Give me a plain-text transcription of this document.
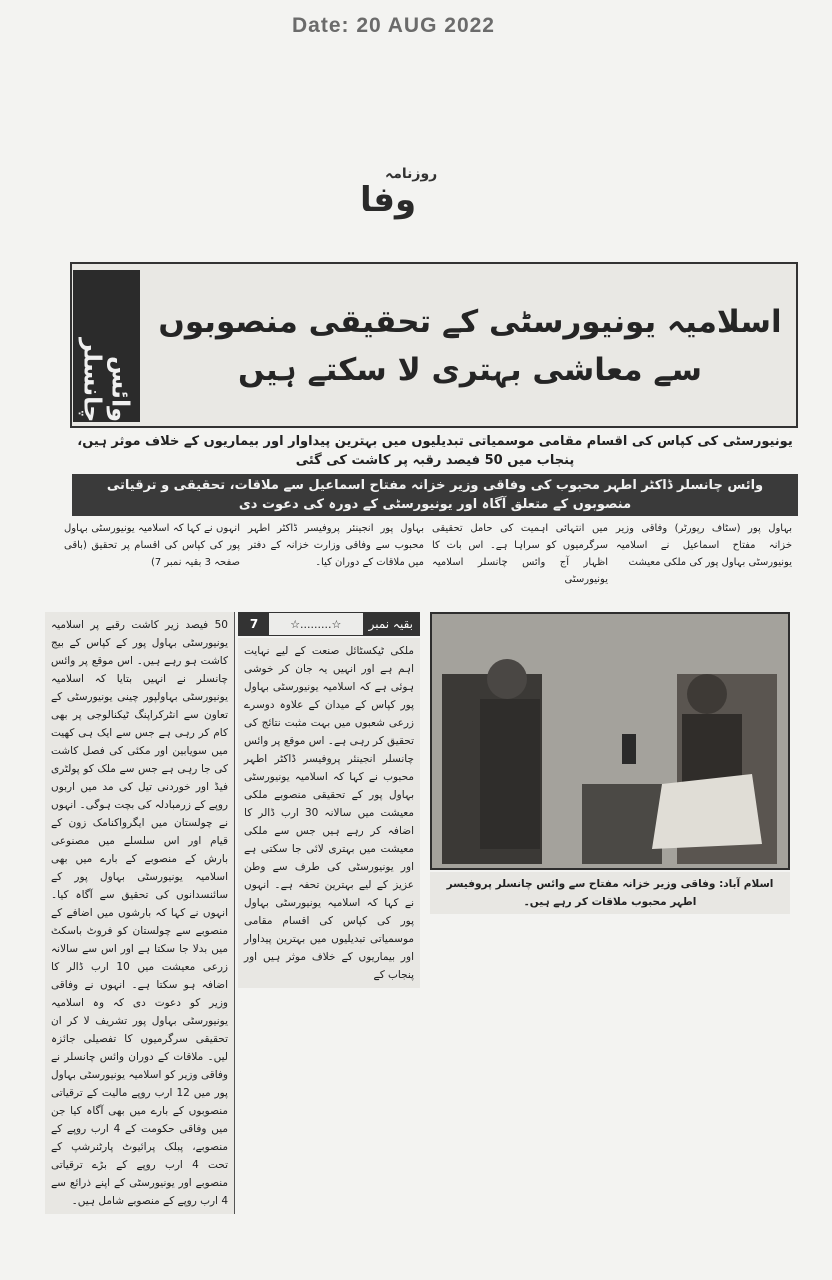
Date: 20 AUG 2022
روزنامہ
وفا
وائس چانسلر
اسلامیہ یونیورسٹی کے تحقیقی منصوبوں سے معاشی بہتری لا سکتے ہیں
یونیورسٹی کی کپاس کی اقسام مقامی موسمیاتی تبدیلیوں میں بہترین پیداوار اور بیماریوں کے خلاف موثر ہیں، پنجاب میں 50 فیصد رقبہ پر کاشت کی گئی
وائس چانسلر ڈاکٹر اطہر محبوب کی وفاقی وزیر خزانہ مفتاح اسماعیل سے ملاقات، تحقیقی و ترقیاتی منصوبوں کے متعلق آگاہ اور یونیورسٹی کے دورہ کی دعوت دی
بہاول پور (سٹاف رپورٹر) وفاقی وزیر خزانہ مفتاح اسماعیل نے اسلامیہ یونیورسٹی بہاول پور کی ملکی معیشت
میں انتہائی اہمیت کی حامل تحقیقی سرگرمیوں کو سراہا ہے۔ اس بات کا اظہار آج وائس چانسلر اسلامیہ یونیورسٹی
بہاول پور انجینئر پروفیسر ڈاکٹر اطہر محبوب سے وفاقی وزارت خزانہ کے دفتر میں ملاقات کے دوران کیا۔
انہوں نے کہا کہ اسلامیہ یونیورسٹی بہاول پور کی کپاس کی اقسام پر تحقیق (باقی صفحہ 3 بقیہ نمبر 7)
50 فیصد زیر کاشت رقبے پر اسلامیہ یونیورسٹی بہاول پور کے کپاس کے بیج کاشت ہو رہے ہیں۔ اس موقع پر وائس چانسلر نے انہیں بتایا کہ اسلامیہ یونیورسٹی بہاولپور چینی یونیورسٹی کے تعاون سے انٹرکراپنگ ٹیکنالوجی پر بھی کام کر رہی ہے جس سے ایک ہی کھیت میں سویابین اور مکئی کی فصل کاشت کی جا رہی ہے جس سے ملک کو پولٹری فیڈ اور خوردنی تیل کی مد میں اربوں روپے کے زرمبادلہ کی بچت ہوگی۔ انہوں نے چولستان میں ایگرواکنامک زون کے قیام اور اس سلسلے میں مصنوعی بارش کے منصوبے کے بارے میں بھی اسلامیہ یونیورسٹی بہاول پور کے سائنسدانوں کی تحقیق سے آگاہ کیا۔ انہوں نے کہا کہ بارشوں میں اضافے کے منصوبے سے چولستان کو فروٹ باسکٹ میں بدلا جا سکتا ہے اور اس سے سالانہ زرعی معیشت میں 10 ارب ڈالر کا اضافہ ہو سکتا ہے۔ انہوں نے وفاقی وزیر کو دعوت دی کہ وہ اسلامیہ یونیورسٹی بہاول پور تشریف لا کر ان تحقیقی سرگرمیوں کا تفصیلی جائزہ لیں۔ ملاقات کے دوران وائس چانسلر نے وفاقی وزیر کو اسلامیہ یونیورسٹی بہاول پور میں 12 ارب روپے مالیت کے ترقیاتی منصوبوں کے بارے میں بھی آگاہ کیا جن میں وفاقی حکومت کے 4 ارب روپے کے منصوبے، پبلک پرائیوٹ پارٹنرشپ کے تحت 4 ارب روپے کے بڑے ترقیاتی منصوبے اور یونیورسٹی کے اپنے ذرائع سے 4 ارب روپے کے منصوبے شامل ہیں۔
7	☆.........☆	بقیہ نمبر
ملکی ٹیکسٹائل صنعت کے لیے نہایت اہم ہے اور انہیں یہ جان کر خوشی ہوئی ہے کہ اسلامیہ یونیورسٹی بہاول پور کپاس کے میدان کے علاوہ دوسرے زرعی شعبوں میں بہت مثبت نتائج کی تحقیق کر رہی ہے۔ اس موقع پر وائس چانسلر انجینئر پروفیسر ڈاکٹر اطہر محبوب نے کہا کہ اسلامیہ یونیورسٹی بہاول پور کے تحقیقی منصوبے ملکی معیشت میں سالانہ 30 ارب ڈالر کا اضافہ کر رہے ہیں جس سے ملکی معیشت میں بہتری لائی جا سکتی ہے اور یونیورسٹی کی طرف سے وطن عزیز کے لیے بہترین تحفہ ہے۔ انہوں نے کہا کہ اسلامیہ یونیورسٹی بہاول پور کی کپاس کی اقسام مقامی موسمیاتی تبدیلیوں میں بہترین پیداوار اور بیماریوں کے خلاف موثر ہیں اور پنجاب کے
اسلام آباد: وفاقی وزیر خزانہ مفتاح سے وائس چانسلر پروفیسر اطہر محبوب ملاقات کر رہے ہیں۔
